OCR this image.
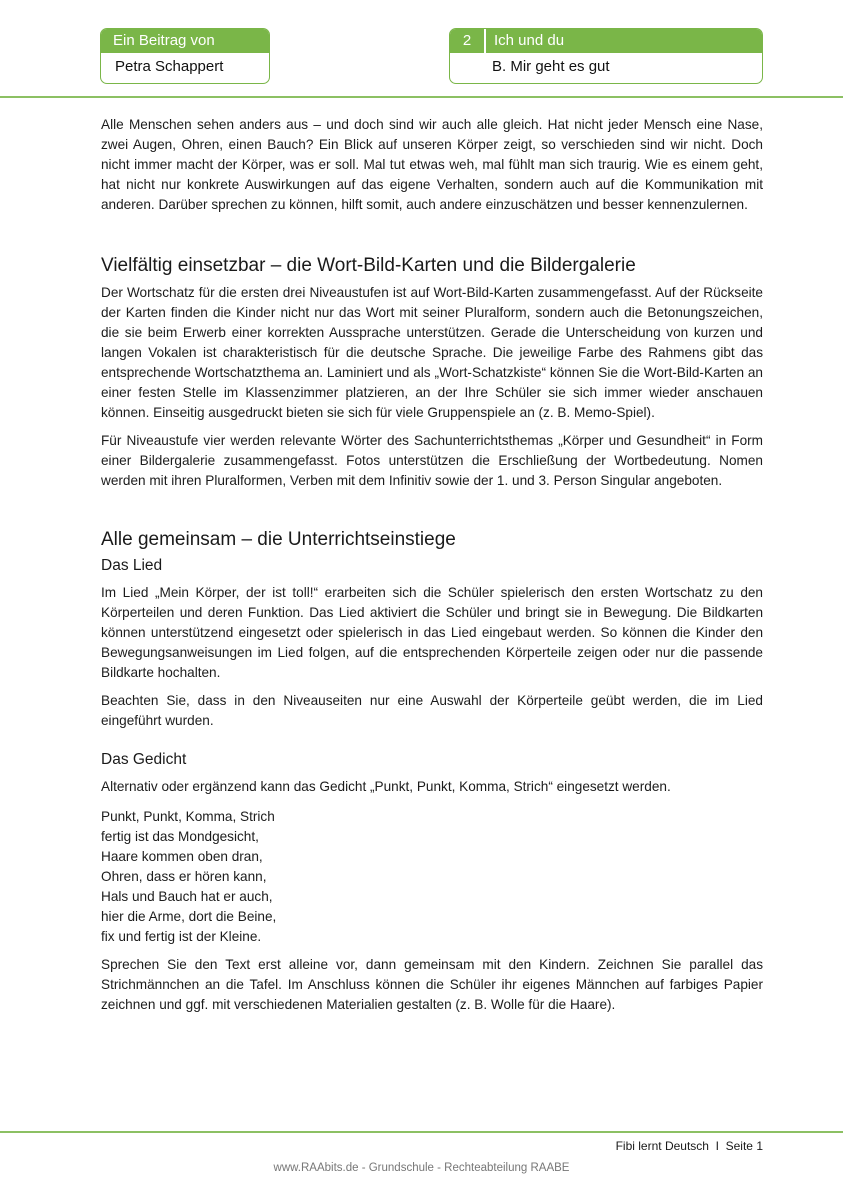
Ein Beitrag von
Petra Schappert
2	Ich und du
B. Mir geht es gut

Alle Menschen sehen anders aus – und doch sind wir auch alle gleich. Hat nicht jeder Mensch eine Nase, zwei Augen, Ohren, einen Bauch? Ein Blick auf unseren Körper zeigt, so verschieden sind wir nicht. Doch nicht immer macht der Körper, was er soll. Mal tut etwas weh, mal fühlt man sich traurig. Wie es einem geht, hat nicht nur konkrete Auswirkungen auf das eigene Verhalten, sondern auch auf die Kommunikation mit anderen. Darüber sprechen zu können, hilft somit, auch andere einzuschätzen und besser kennenzulernen.

Vielfältig einsetzbar – die Wort-Bild-Karten und die Bildergalerie

Der Wortschatz für die ersten drei Niveaustufen ist auf Wort-Bild-Karten zusammengefasst. Auf der Rückseite der Karten finden die Kinder nicht nur das Wort mit seiner Pluralform, sondern auch die Betonungszeichen, die sie beim Erwerb einer korrekten Aussprache unterstützen. Gerade die Unterscheidung von kurzen und langen Vokalen ist charakteristisch für die deutsche Sprache. Die jeweilige Farbe des Rahmens gibt das entsprechende Wortschatzthema an. Laminiert und als „Wort-Schatzkiste“ können Sie die Wort-Bild-Karten an einer festen Stelle im Klassenzimmer platzieren, an der Ihre Schüler sie sich immer wieder anschauen können. Einseitig ausgedruckt bieten sie sich für viele Gruppenspiele an (z. B. Memo-Spiel).

Für Niveaustufe vier werden relevante Wörter des Sachunterrichtsthemas „Körper und Gesundheit“ in Form einer Bildergalerie zusammengefasst. Fotos unterstützen die Erschließung der Wortbedeutung. Nomen werden mit ihren Pluralformen, Verben mit dem Infinitiv sowie der 1. und 3. Person Singular angeboten.

Alle gemeinsam – die Unterrichtseinstiege
Das Lied

Im Lied „Mein Körper, der ist toll!“ erarbeiten sich die Schüler spielerisch den ersten Wortschatz zu den Körperteilen und deren Funktion. Das Lied aktiviert die Schüler und bringt sie in Bewegung. Die Bildkarten können unterstützend eingesetzt oder spielerisch in das Lied eingebaut werden. So können die Kinder den Bewegungsanweisungen im Lied folgen, auf die entsprechenden Körperteile zeigen oder nur die passende Bildkarte hochalten.

Beachten Sie, dass in den Niveauseiten nur eine Auswahl der Körperteile geübt werden, die im Lied eingeführt wurden.

Das Gedicht

Alternativ oder ergänzend kann das Gedicht „Punkt, Punkt, Komma, Strich“ eingesetzt werden.

Punkt, Punkt, Komma, Strich
fertig ist das Mondgesicht,
Haare kommen oben dran,
Ohren, dass er hören kann,
Hals und Bauch hat er auch,
hier die Arme, dort die Beine,
fix und fertig ist der Kleine.

Sprechen Sie den Text erst alleine vor, dann gemeinsam mit den Kindern. Zeichnen Sie parallel das Strichmännchen an die Tafel. Im Anschluss können die Schüler ihr eigenes Männchen auf farbiges Papier zeichnen und ggf. mit verschiedenen Materialien gestalten (z. B. Wolle für die Haare).

Fibi lernt Deutsch  I  Seite 1
www.RAAbits.de - Grundschule - Rechteabteilung RAABE
